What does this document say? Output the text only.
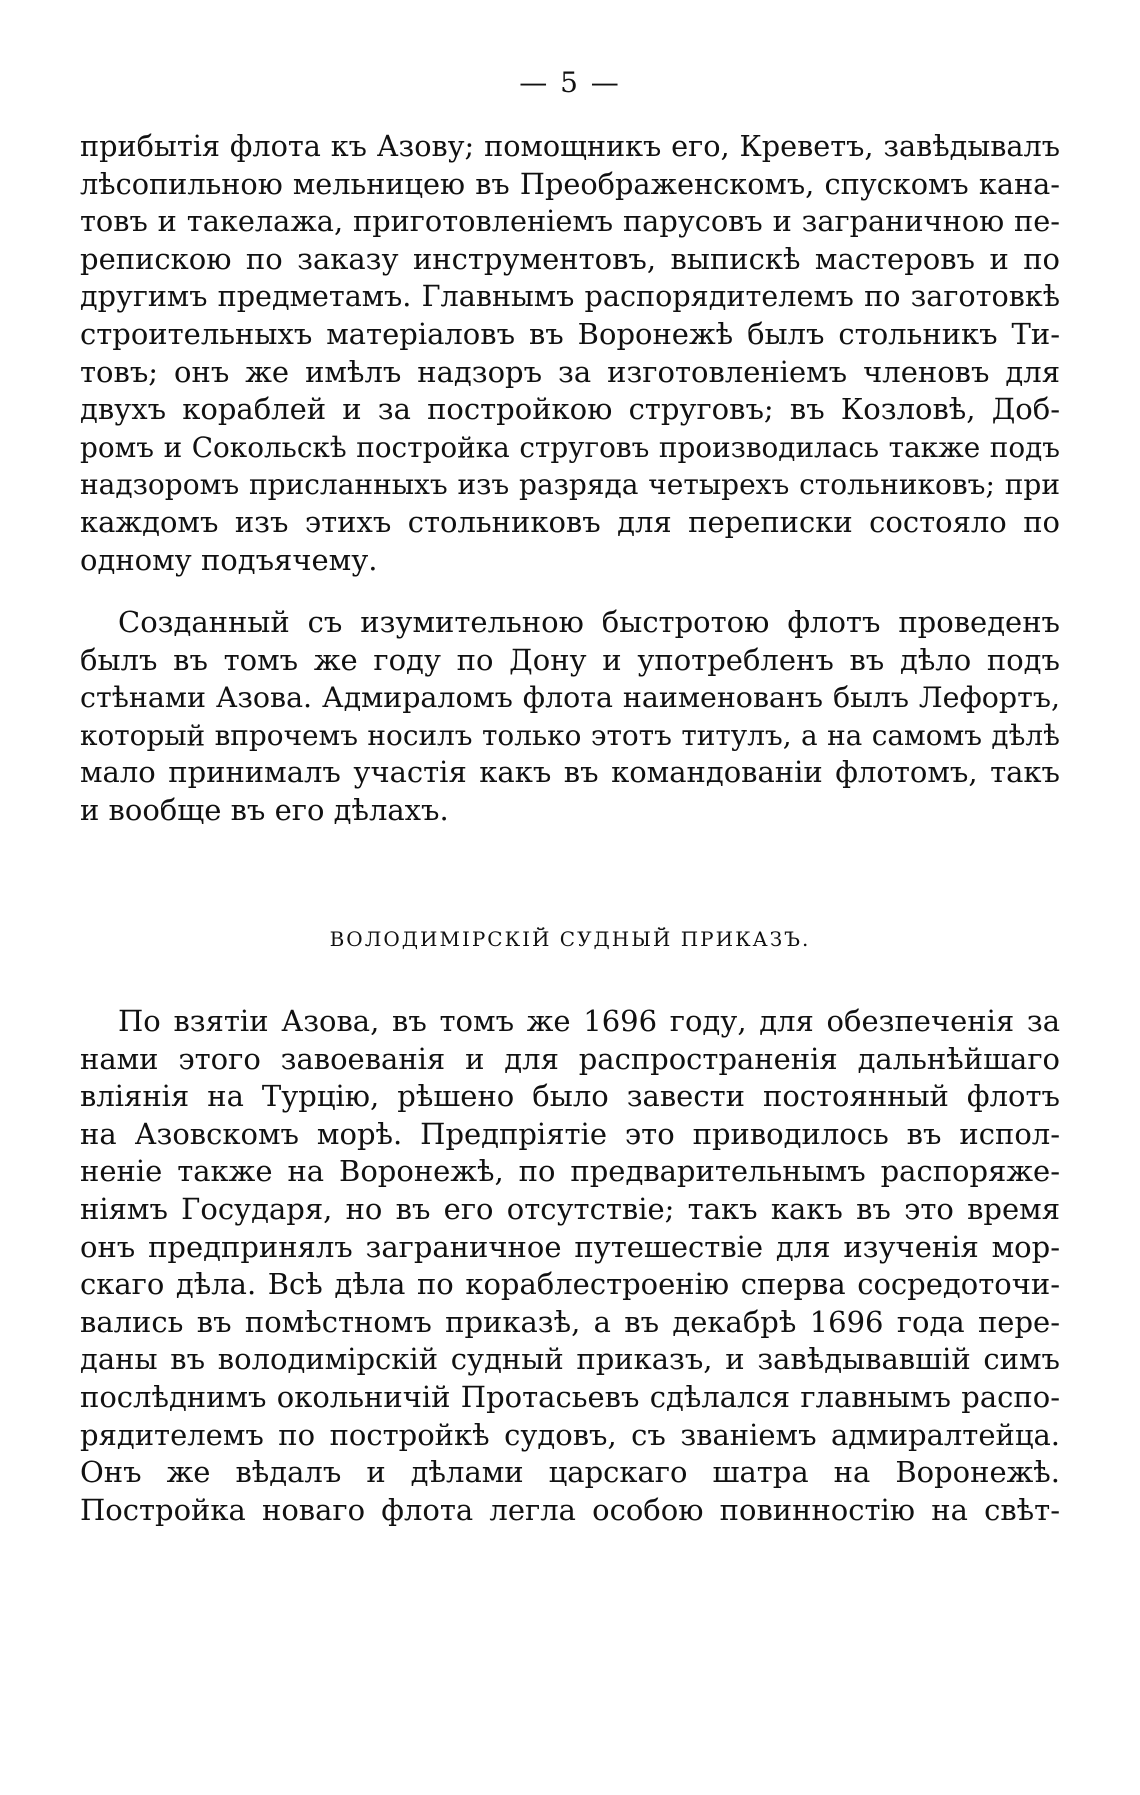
— 5 —
прибытія флота къ Азову; помощникъ его, Креветъ, завѣдывалъ
лѣсопильною мельницею въ Преображенскомъ, спускомъ кана-
товъ и такелажа, приготовленіемъ парусовъ и заграничною пе-
репискою по заказу инструментовъ, выпискѣ мастеровъ и по
другимъ предметамъ. Главнымъ распорядителемъ по заготовкѣ
строительныхъ матеріаловъ въ Воронежѣ былъ стольникъ Ти-
товъ; онъ же имѣлъ надзоръ за изготовленіемъ членовъ для
двухъ кораблей и за постройкою струговъ; въ Козловѣ, Доб-
ромъ и Сокольскѣ постройка струговъ производилась также подъ
надзоромъ присланныхъ изъ разряда четырехъ стольниковъ; при
каждомъ изъ этихъ стольниковъ для переписки состояло по
одному подъячему.
Созданный съ изумительною быстротою флотъ проведенъ
былъ въ томъ же году по Дону и употребленъ въ дѣло подъ
стѣнами Азова. Адмираломъ флота наименованъ былъ Лефортъ,
который впрочемъ носилъ только этотъ титулъ, а на самомъ дѣлѣ
мало принималъ участія какъ въ командованіи флотомъ, такъ
и вообще въ его дѣлахъ.
ВОЛОДИМІРСКІЙ СУДНЫЙ ПРИКАЗЪ.
По взятіи Азова, въ томъ же 1696 году, для обезпеченія за
нами этого завоеванія и для распространенія дальнѣйшаго
вліянія на Турцію, рѣшено было завести постоянный флотъ
на Азовскомъ морѣ. Предпріятіе это приводилось въ испол-
неніе также на Воронежѣ, по предварительнымъ распоряже-
ніямъ Государя, но въ его отсутствіе; такъ какъ въ это время
онъ предпринялъ заграничное путешествіе для изученія мор-
скаго дѣла. Всѣ дѣла по кораблестроенію сперва сосредоточи-
вались въ помѣстномъ приказѣ, а въ декабрѣ 1696 года пере-
даны въ володимірскій судный приказъ, и завѣдывавшій симъ
послѣднимъ окольничій Протасьевъ сдѣлался главнымъ распо-
рядителемъ по постройкѣ судовъ, съ званіемъ адмиралтейца.
Онъ же вѣдалъ и дѣлами царскаго шатра на Воронежѣ.
Постройка новаго флота легла особою повинностію на свѣт-
